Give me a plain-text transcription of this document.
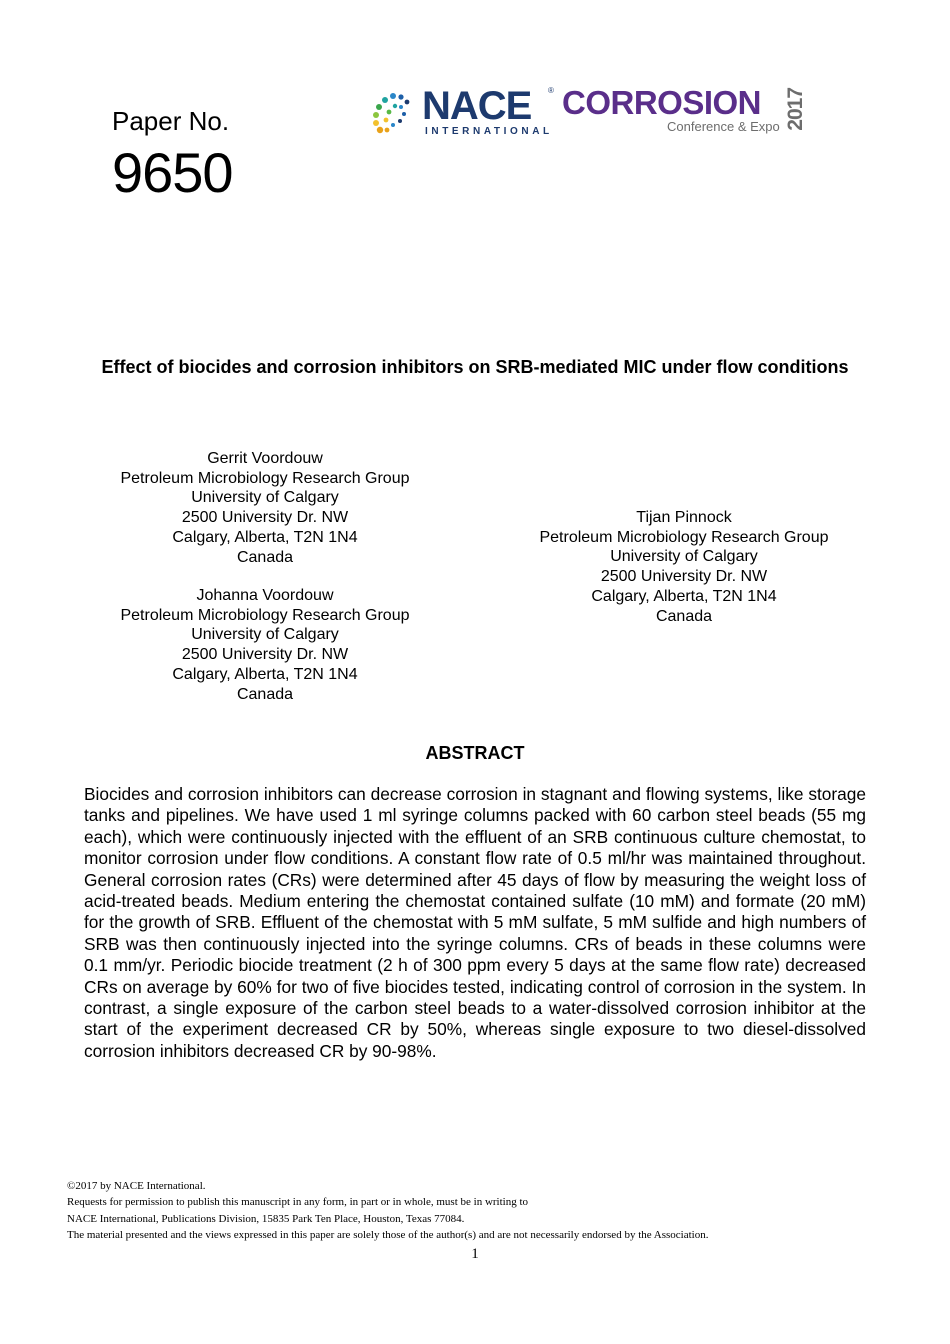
Paper No.
9650
NACE ®
INTERNATIONAL
CORROSION
Conference & Expo 2017
Effect of biocides and corrosion inhibitors on SRB-mediated MIC under flow conditions
Gerrit Voordouw
Petroleum Microbiology Research Group
University of Calgary
2500 University Dr. NW
Calgary, Alberta, T2N 1N4
Canada
Johanna Voordouw
Petroleum Microbiology Research Group
University of Calgary
2500 University Dr. NW
Calgary, Alberta, T2N 1N4
Canada
Tijan Pinnock
Petroleum Microbiology Research Group
University of Calgary
2500 University Dr. NW
Calgary, Alberta, T2N 1N4
Canada
ABSTRACT
Biocides and corrosion inhibitors can decrease corrosion in stagnant and flowing systems, like storage tanks and pipelines. We have used 1 ml syringe columns packed with 60 carbon steel beads (55 mg each), which were continuously injected with the effluent of an SRB continuous culture chemostat, to monitor corrosion under flow conditions. A constant flow rate of 0.5 ml/hr was maintained throughout. General corrosion rates (CRs) were determined after 45 days of flow by measuring the weight loss of acid-treated beads. Medium entering the chemostat contained sulfate (10 mM) and formate (20 mM) for the growth of SRB. Effluent of the chemostat with 5 mM sulfate, 5 mM sulfide and high numbers of SRB was then continuously injected into the syringe columns. CRs of beads in these columns were 0.1 mm/yr. Periodic biocide treatment (2 h of 300 ppm every 5 days at the same flow rate) decreased CRs on average by 60% for two of five biocides tested, indicating control of corrosion in the system. In contrast, a single exposure of the carbon steel beads to a water-dissolved corrosion inhibitor at the start of the experiment decreased CR by 50%, whereas single exposure to two diesel-dissolved corrosion inhibitors decreased CR by 90-98%.
©2017 by NACE International.
Requests for permission to publish this manuscript in any form, in part or in whole, must be in writing to
NACE International, Publications Division, 15835 Park Ten Place, Houston, Texas 77084.
The material presented and the views expressed in this paper are solely those of the author(s) and are not necessarily endorsed by the Association.
1
